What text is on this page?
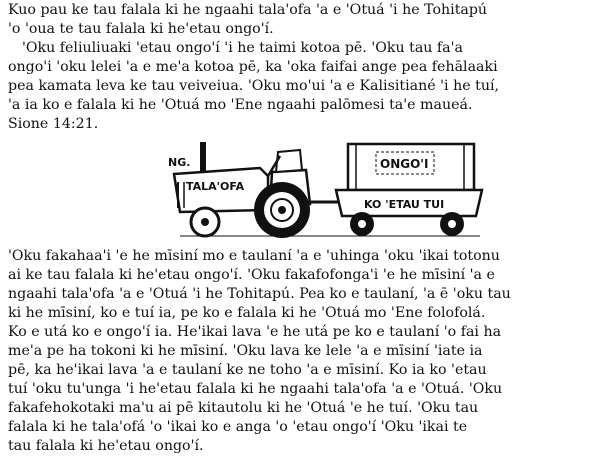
Kuo pau ke tau falala ki he ngaahi tala'ofa 'a e 'Otuá 'i he Tohitapú
'o 'oua te tau falala ki he'etau ongo'í.
'Oku feliuliuaki 'etau ongo'í 'i he taimi kotoa pē. 'Oku tau fa'a
ongo'i 'oku lelei 'a e me'a kotoa pē, ka 'oka faifai ange pea fehālaaki
pea kamata leva ke tau veiveiua. 'Oku mo'ui 'a e Kalisitiané 'i he tuí,
'a ia ko e falala ki he 'Otuá mo 'Ene ngaahi palōmesi ta'e maueá.
Sione 14:21.
NG.
TALA'OFA
ONGO'I
KO 'ETAU TUI
'Oku fakahaa'i 'e he mīsiní mo e taulaní 'a e 'uhinga 'oku 'ikai totonu
ai ke tau falala ki he'etau ongo'í. 'Oku fakafofonga'i 'e he mīsiní 'a e
ngaahi tala'ofa 'a e 'Otuá 'i he Tohitapú. Pea ko e taulaní, 'a ē 'oku tau
ki he mīsiní, ko e tuí ia, pe ko e falala ki he 'Otuá mo 'Ene folofolá.
Ko e utá ko e ongo'í ia. He'ikai lava 'e he utá pe ko e taulaní 'o fai ha
me'a pe ha tokoni ki he mīsiní. 'Oku lava ke lele 'a e mīsiní 'iate ia
pē, ka he'ikai lava 'a e taulaní ke ne toho 'a e mīsiní. Ko ia ko 'etau
tuí 'oku tu'unga 'i he'etau falala ki he ngaahi tala'ofa 'a e 'Otuá. 'Oku
fakafehokotaki ma'u ai pē kitautolu ki he 'Otuá 'e he tuí. 'Oku tau
falala ki he tala'ofá 'o 'ikai ko e anga 'o 'etau ongo'í 'Oku 'ikai te
tau falala ki he'etau ongo'í.
